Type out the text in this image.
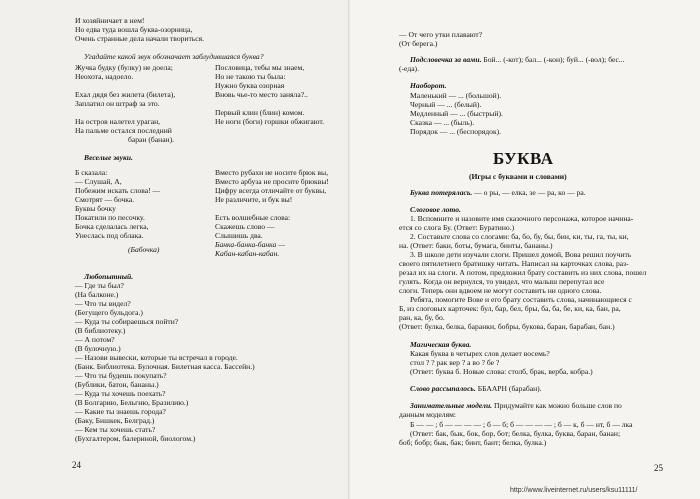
И хозяйничает в нем!
Но едва туда вошла буква-озорница,
Очень странные дела начали твориться.
Угадайте какой звук обозначает заблудившаяся буква?
Жучка будку (булку) не доела;
Неохота, надоело.
Ехал дядя без жилета (билета),
Заплатил он штраф за это.
На остров налетел ураган,
На пальме остался последний
баран (банан).
Пословица, тебы мы знаем,
Но не такою ты была:
Нужно буква озорная
Вновь чье-то место заняла?..
Первый клин (блин) комом.
Не ноги (боги) горшки обжигают.
Веселые звуки.
Б сказала:
— Слушай, А,
Побежим искать слова! —
Смотрят — бочка.
Буквы бочку
Покатили по песочку.
Бочка сделалась легка,
Унеслась под облака.
(Бабочка)
Вместо рубахи не носите брюк вы,
Вместо арбуза не просите брюквы!
Цифру всегда отличайте от буквы,
Не различите, и бук вы!
Есть волшебные слова:
Скажешь слово —
Слышишь два.
Банка-банка-банка —
Кабан-кабан-кабан.
Любопытный.
— Где ты был?
(На балконе.)
— Что ты видел?
(Бегущего бульдога.)
— Куда ты собираешься пойти?
(В библиотеку.)
— А потом?
(В булочную.)
— Назови вывески, которые ты встречал в городе.
(Банк. Библиотека. Булочная. Билетная касса. Бассейн.)
— Что ты будешь покупать?
(Бублики, батон, бананы.)
— Куда ты хочешь поехать?
(В Болгарию, Бельгию, Бразилию.)
— Какие ты знаешь города?
(Баку, Бишкек, Белград.)
— Кем ты хочешь стать?
(Бухгалтером, балериной, биологом.)
24
— От чего утки плавают?
(От берега.)
Подсловечка за вами. Бой... (-кот); бал... (-кон); буй... (-вол); бес...
(-еда).
Наоборот.
Маленький — ... (большой).
Черный — ... (белый).
Медленный — ... (быстрый).
Сказка — ... (быль).
Порядок — ... (беспорядок).
БУКВА
(Игры с буквами и словами)
Буква потерялась. — о ры, — елка, зе — ра, ко — ра.
Слоговое лото.
1. Вспомните и назовите имя сказочного персонажа, которое начина-
ется со слога Бу. (Ответ: Буратино.)
2. Составьте слова со слогами: ба, бо, бу, бы, бин, ки, ты, га, ты, ки,
на. (Ответ: баки, боты, бумага, бинты, бананы.)
3. В школе дети изучали слоги. Пришел домой, Вова решил поучить
своего пятилетнего братишку читать. Написал на карточках слова, раз-
резал их на слоги. А потом, предложил брату составить из них слова, пошел
гулять. Когда он вернулся, то увидел, что малыш перепутал все
слоги. Теперь они вдвоем не могут составить ни одного слова.
Ребята, помогите Вове и его брату составить слова, начинающиеся с
Б, из слоговых карточек: бул, бар, бел, бры, ба, ба, бе, ки, ка, бан, ра,
ран, ка, бу, бо.
(Ответ: булка, белка, баранки, бобры, букова, баран, барабан, бан.)
Магическая буква.
Какая буква в четырех слов делает восемь?
стол ? ? рак вер ? а во ? бе ?
(Ответ: буква б. Новые слова: столб, брак, верба, кобра.)
Слово рассыпалось. ББААРН (барабан).
Занимательные модели. Придумайте как можно больше слов по
данным моделям:
Б — — ; б — — — — ; б — б; б — — — — ; б — к, б — нт, б — лка
(Ответ: бак, бык, бок, бор, бот; белка, булка, буква, баран, банан;
боб; бобр; бык, бак; бинт, бант; белка, булка.)
25
http://www.liveinternet.ru/users/ksu11111/
